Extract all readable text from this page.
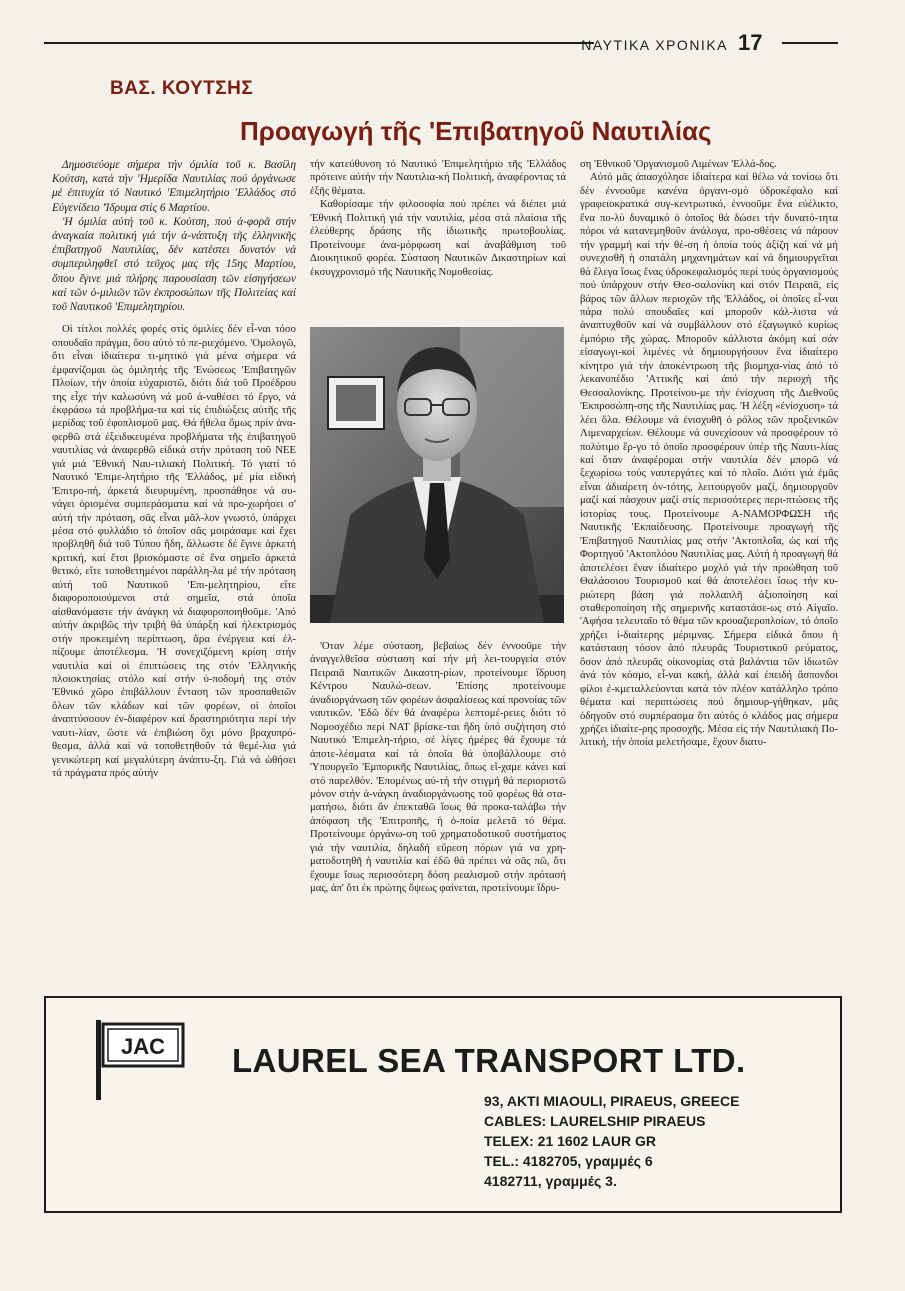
ΝΑΥΤΙΚΑ ΧΡΟΝΙΚΑ 17
ΒΑΣ. ΚΟΥΤΣΗΣ
Προαγωγή τῆς 'Επιβατηγοῦ Ναυτιλίας

Δημοσιεύομε σήμερα τήν όμιλία τοῦ κ. Βασίλη Κούτση, κατά τήν 'Ημερίδα Ναυτιλίας πού όργάνωσε μέ έπιτυχία τό Ναυτικό 'Επιμελητήριο 'Ελλάδος στό Εύγενίδειο 'Ίδρυμα στίς 6 Μαρτίου.

'Η όμιλία αὐτή τοῦ κ. Κούτση, πού ά-φορᾶ στήν άναγκαία πολιτική γιά τήν ά-νάπτυξη τῆς ἑλληνικῆς ἐπιβατηγοῦ Ναυτιλίας, δέν κατέστει δυνατόν νά συμπεριληφθεῖ στό τεῦχος μας τῆς 15ης Μαρτίου, ὅπου ἔγινε μιά πλήρης παρουσίαση τῶν εἰσηγήσεων καί τῶν ὁ-μιλιῶν τῶν ἐκπροσώπων τῆς Πολιτείας καί τοῦ Ναυτικοῦ 'Επιμελητηρίου.

Οἱ τίτλοι πολλές φορές στίς ὁμιλίες δέν εἶ-ναι τόσο σπουδαῖο πράγμα, ὅσο αὐτό τό πε-ριεχόμενο. 'Ομολογῶ, ὅτι εἶναι ἰδιαίτερα τι-μητικό γιά μένα σήμερα νά ἐμφανίζομαι ὡς ὁμιλητής τῆς 'Ενώσεως 'Επιβατηγῶν Πλοίων, τήν ὁποία εὐχαριστῶ, διότι διά τοῦ Προέδρου της εἶχε τήν καλωσύνη νά μοῦ ά-ναθέσει τό ἔργο, νά ἐκφράσω τά προβλήμα-τα καί τίς ἐπιδιώξεις αὐτῆς τῆς μερίδας τοῦ ἐφοπλισμοῦ μας. Θά ἤθελα ὅμως πρίν ἀνα-φερθῶ στά ἐξειδικευμένα προβλήματα τῆς ἐπιβατηγοῦ ναυτιλίας νά ἀναφερθῶ εἰδικά στήν πρόταση τοῦ ΝΕΕ γιά μιά 'Εθνική Ναυ-τιλιακή Πολιτική. Τό γιατί τό Ναυτικό 'Επιμε-λητήριο τῆς 'Ελλάδος, μέ μία εἰδική 'Επιτρο-πή, ἀρκετά διευρυμένη, προσπάθησε νά συ-νάγει ὁρισμένα συμπεράσματα καί νά προ-χωρήσει σ' αὐτή τήν πρόταση, σᾶς εἶναι μᾶλ-λον γνωστό, ὑπάρχει μέσα στό φυλλάδιο τό ὁποῖον σᾶς μοιράσαμε καί ἔχει προβληθῆ διά τοῦ Τύπου ἤδη, ἄλλωστε δέ ἔγινε ἀρκετή κριτική, καί ἔτσι βρισκόμαστε σέ ἕνα σημεῖο ἀρκετά θετικό, εἴτε τοποθετημένοι παράλλη-λα μέ τήν πρόταση αὐτή τοῦ Ναυτικοῦ 'Επι-μελητηρίου, εἴτε διαφοροποιούμενοι στά σημεῖα, στά ὁποῖα αἰσθανόμαστε τήν ἀνάγκη νά διαφοροποιηθοῦμε. 'Από αὐτήν ἀκριβῶς τήν τριβή θά ὑπάρξη καί ἠλεκτρισμός στήν προκειμένη περίπτωση, ἄρα ἐνέργεια καί ἐλ-πίζουμε ἀποτέλεσμα. 'Η συνεχιζόμενη κρίση στήν ναυτιλία καί οἱ ἐπιπτώσεις της στόν 'Ελληνικής πλοιοκτησίας στόλο καί στήν ὑ-ποδομή της στόν 'Εθνικό χῶρο ἐπιβάλλουν ἔνταση τῶν προσπαθειῶν ὅλων τῶν κλάδων καί τῶν φορέων, οἱ ὁποῖοι ἀναπτύσσουν ἐν-διαφέρον καί δραστηριότητα περί τήν ναυτι-λίαν, ὥστε νά ἐπιβιώση ὄχι μόνο βραχυπρό-θεσμα, ἀλλά καί νά τοποθετηθοῦν τά θεμέ-λια γιά γενικώτερη καί μεγαλύτερη ἀνάπτυ-ξη. Γιά νά ὠθήσει τά πράγματα πρός αὐτήν

τήν κατεύθυνση τό Ναυτικό 'Επιμελητήριο τῆς 'Ελλάδος πρότεινε αὐτήν τήν Ναυτιλια-κή Πολιτική, ἀναφέροντας τά ἑξῆς θέματα.

Καθορίσαμε τήν φιλοσοφία πού πρέπει νά διέπει μιά 'Εθνική Πολιτική γιά τήν ναυτιλία, μέσα στά πλαίσια τῆς ἐλεύθερης δράσης τῆς ἰδιωτικῆς πρωτοβουλίας. Προτείνουμε ἀνα-μόρφωση καί ἀναβάθμιση τοῦ Διοικητικοῦ φορέα. Σύσταση Ναυτικῶν Δικαστηρίων καί ἐκσυγχρονισμό τῆς Ναυτικῆς Νομοθεσίας.

'Οταν λέμε σύσταση, βεβαίως δέν ἐννοοῦμε τήν ἀναγγελθεῖσα σύσταση καί τήν μή λει-τουργεία στόν Πειραιᾶ Ναυτικῶν Δικαστη-ρίων, προτείνουμε ἵδρυση Κέντρου Ναυλώ-σεων. 'Επίσης προτείνουμε ἀναδιοργάνωση τῶν φορέων ἀσφαλίσεως καί προνοίας τῶν ναυτικῶν. 'Εδῶ δέν θά ἀναφέρω λεπτομέ-ρειες διότι τό Νομοσχέδιο περί ΝΑΤ βρίσκε-ται ἤδη ὑπό συζήτηση στό Ναυτικό 'Επιμελη-τήριο, σέ λίγες ἡμέρες θά ἔχουμε τά ἀποτε-λέσματα καί τά ὁποῖα θά ὑποβάλλουμε στό 'Υπουργεῖο 'Εμπορικῆς Ναυτιλίας, ὅπως εἴ-χαμε κάνει καί στό παρελθόν. 'Επομένως αὐ-τή τήν στιγμή θά περιοριστῶ μόνον στήν ἀ-νάγκη ἀναδιοργάνωσης τοῦ φορέως θά στα-ματήσω, διότι ἄν ἐπεκταθῶ ἴσως θά προκα-ταλάβω τήν ἀπόφαση τῆς 'Επιτροπῆς, ἡ ὁ-ποία μελετᾶ τό θέμα. Προτείνουμε ὀργάνω-ση τοῦ χρηματοδοτικοῦ συστήματος γιά τήν ναυτιλία, δηλαδή εὕρεση πόρων γιά να χρη-ματοδοτηθῆ ἡ ναυτιλία καί ἐδῶ θά πρέπει νά σᾶς πῶ, ὅτι ἔχουμε ἴσως περισσότερη δόση ρεαλισμοῦ στήν πρότασή μας, ἀπ' ὅτι ἐκ πρώτης ὄψεως φαίνεται, προτείνουμε ἵδρυ-

ση 'Εθνικοῦ 'Οργανισμοῦ Λιμένων 'Ελλά-δος.

Αὐτό μᾶς ἀπασχόλησε ἰδιαίτερα καί θέλω νά τονίσω ὅτι δέν ἐννοοῦμε κανένα ὀργανι-σμό ὑδροκέφαλο καί γραφειοκρατικά συγ-κεντρωτικό, ἐννοοῦμε ἕνα εὐέλικτο, ἕνα πο-λύ δυναμικό ὁ ὁποῖος θά δώσει τήν δυνατό-τητα πόροι νά κατανεμηθοῦν ἀνάλογα, προ-σθέσεις νά πάρουν τήν γραμμή καί τήν θέ-ση ἡ ὁποία τούς ἀξίζη καί νά μή συνεχισθῆ ἡ σπατάλη μηχανημάτων καί νά δημιουργεῖται θά ἔλεγα ἴσως ἕνας ὑδροκεφαλισμός περί τούς ὀργανισμούς πού ὑπάρχουν στήν Θεσ-σαλονίκη καί στόν Πειραιᾶ, εἰς βάρος τῶν ἄλλων περιοχῶν τῆς 'Ελλάδος, οἱ ὁποῖες εἶ-ναι πάρα πολύ σπουδαῖες καί μποροῦν κάλ-λιστα νά ἀναπτυχθοῦν καί νά συμβάλλουν στό ἐξαγωγικό κυρίως ἐμπόριο τῆς χώρας. Μποροῦν κάλλιστα ἀκόμη καί σάν εἰσαγωγι-κοί λιμένες νά δημιουργήσουν ἕνα ἰδιαίτερο κίνητρο γιά τήν ἀποκέντρωση τῆς βιομηχα-νίας ἀπό τό λεκανοπέδιο 'Αττικῆς καί ἀπό τήν περιοχή τῆς Θεσσαλονίκης. Προτείνου-με τήν ἐνίσχυση τῆς Διεθνοῦς 'Εκπροσώπη-σης τῆς Ναυτιλίας μας. 'Η λέξη «ἐνίσχυση» τά λέει ὅλα. Θέλουμε νά ἐνισχυθῆ ὁ ρόλος τῶν προξενικῶν Λιμεναρχείων. Θέλουμε νά συνεχίσουν νά προσφέρουν τό πολύτιμο ἔρ-γο τό ὁποῖο προσφέρουν ὑπέρ τῆς Ναυτι-λίας καί ὅταν ἀναφέρομαι στήν ναυτιλία δέν μπορῶ νά ξεχωρίσω τούς ναυτεργάτες καί τό πλοῖο. Διότι γιά ἐμᾶς εἶναι ἀδιαίρετη ὀν-τότης, λειτουργοῦν μαζί, δημιουργοῦν μαζί καί πάσχουν μαζί στίς περισσότερες περι-πτώσεις τῆς ἱστορίας τους. Προτείνουμε Α-ΝΑΜΟΡΦΩΣΗ τῆς Ναυτικῆς 'Εκπαίδευσης. Προτείνουμε προαγωγή τῆς 'Επιβατηγοῦ Ναυτιλίας μας στήν 'Ακτοπλοΐα, ὡς καί τῆς Φορτηγοῦ 'Ακτοπλόου Ναυτιλίας μας. Αὐτή ἡ προαγωγή θά ἀποτελέσει ἕναν ἰδιαίτερο μοχλό γιά τήν προώθηση τοῦ Θαλάσσιου Τουρισμοῦ καί θά ἀποτελέσει ἴσως τήν κυ-ριώτερη βάση γιά πολλαπλῆ ἀξιοποίηση καί σταθεροποίηση τῆς σημερινῆς καταστάσε-ως στό Αἰγαῖο. 'Αφήσα τελευταῖο τό θέμα τῶν κρουαζιεροπλοίων, τό ὁποῖο χρήζει ἰ-διαίτερης μέριμνας. Σήμερα εἰδικά ὅπου ἡ κατάσταση τόσον ἀπό πλευρᾶς Τουριστικοῦ ρεύματος, ὅσον ἀπό πλευρᾶς οἰκονομίας στά βαλάντια τῶν ἰδιωτῶν ἀνά τόν κόσμο, εἶ-ναι κακή, ἀλλά καί ἐπειδή ἄσπονδοι φίλοι ἐ-κμεταλλεύονται κατά τόν πλέον κατάλληλο τρόπο θέματα καί περιπτώσεις πού δημιουρ-γήθηκαν, μᾶς ὁδηγοῦν στό συμπέρασμα ὅτι αὐτός ὁ κλάδος μας σήμερα χρήζει ἰδιαίτε-ρης προσοχῆς. Μέσα εἰς τήν Ναυτιλιακή Πο-λιτική, τήν ὁποία μελετήσαμε, ἔχουν διατυ-

JAC LAUREL SEA TRANSPORT LTD.
93, AKTI MIAOULI, PIRAEUS, GREECE
CABLES: LAURELSHIP PIRAEUS
TELEX: 21 1602 LAUR GR
TEL.: 4182705, γραμμές 6
4182711, γραμμές 3.
